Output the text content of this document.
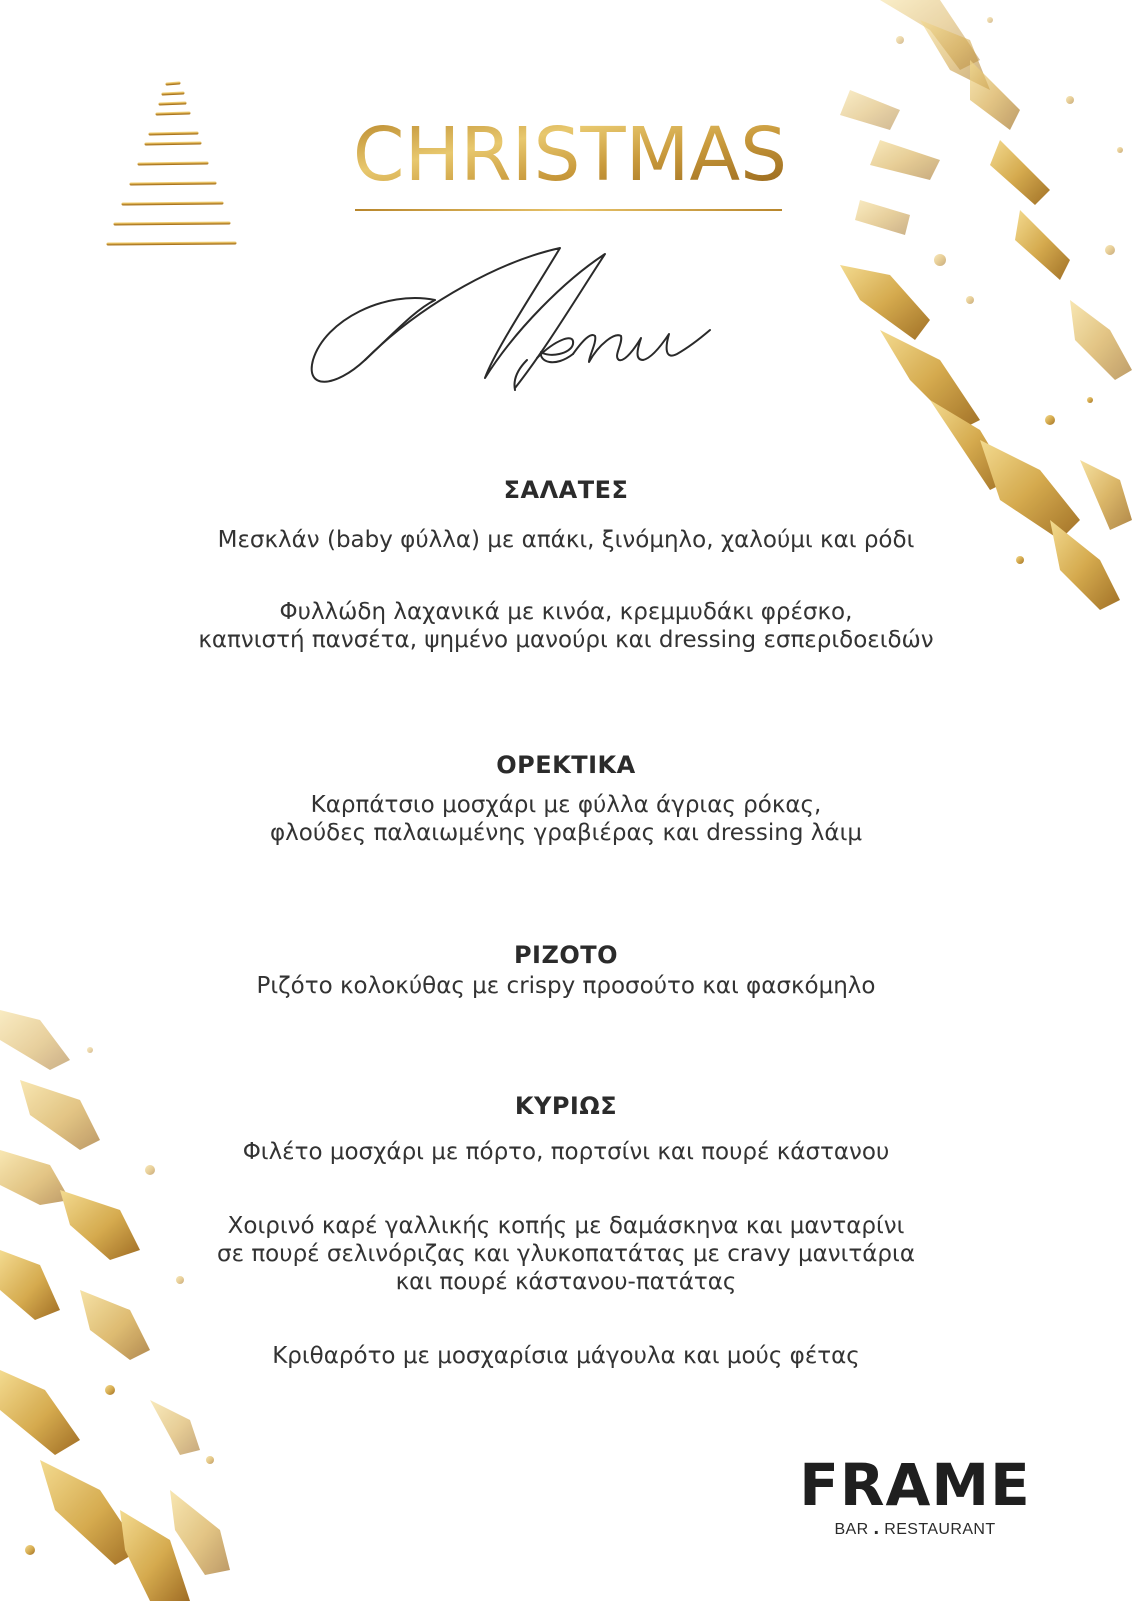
CHRISTMAS
ΣΑΛΑΤΕΣ

Μεσκλάν (baby φύλλα) με απάκι, ξινόμηλο, χαλούμι και ρόδι

Φυλλώδη λαχανικά με κινόα, κρεμμυδάκι φρέσκο,
καπνιστή πανσέτα, ψημένο μανούρι και dressing εσπεριδοειδών

ΟΡΕΚΤΙΚΑ

Καρπάτσιο μοσχάρι με φύλλα άγριας ρόκας,
φλούδες παλαιωμένης γραβιέρας και dressing λάιμ

ΡΙΖΟΤΟ

Ριζότο κολοκύθας με crispy προσούτο και φασκόμηλο

ΚΥΡΙΩΣ

Φιλέτο μοσχάρι με πόρτο, πορτσίνι και πουρέ κάστανου

Χοιρινό καρέ γαλλικής κοπής με δαμάσκηνα και μανταρίνι
σε πουρέ σελινόριζας και γλυκοπατάτας με cravy μανιτάρια
και πουρέ κάστανου-πατάτας

Κριθαρότο με μοσχαρίσια μάγουλα και μούς φέτας

FRAME
BAR . RESTAURANT
